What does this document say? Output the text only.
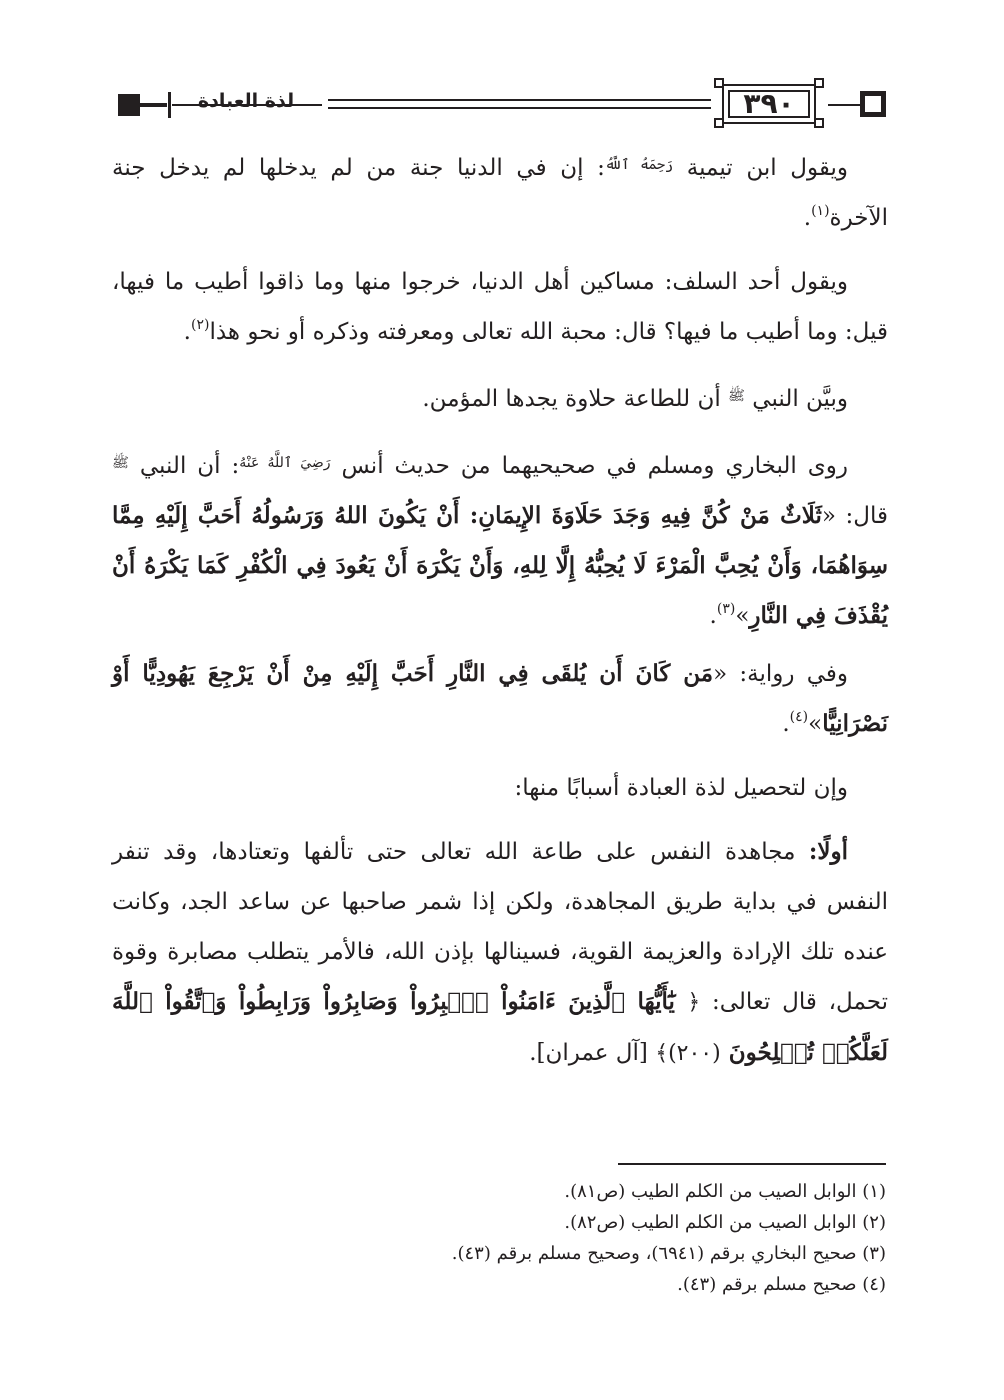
لذة العبادة	٣٩٠

ويقول ابن تيمية $^{رَحِمَهُ ٱللَّهُ}$: إن في الدنيا جنة من لم يدخلها لم يدخل جنة الآخرة$^{(١)}$.

ويقول أحد السلف: مساكين أهل الدنيا، خرجوا منها وما ذاقوا أطيب ما فيها، قيل: وما أطيب ما فيها؟ قال: محبة الله تعالى ومعرفته وذكره أو نحو هذا$^{(٢)}$.

وبيَّن النبي $^ﷺ$ أن للطاعة حلاوة يجدها المؤمن.

روى البخاري ومسلم في صحيحيهما من حديث أنس $^{رَضِيَ ٱللَّهُ عَنْهُ}$: أن النبي $^ﷺ$ قال: «ثَلَاثٌ مَنْ كُنَّ فِيهِ وَجَدَ حَلَاوَةَ الإِيمَانِ: أَنْ يَكُونَ اللهُ وَرَسُولُهُ أَحَبَّ إِلَيْهِ مِمَّا سِوَاهُمَا، وَأَنْ يُحِبَّ الْمَرْءَ لَا يُحِبُّهُ إِلَّا لِلهِ، وَأَنْ يَكْرَهَ أَنْ يَعُودَ فِي الْكُفْرِ كَمَا يَكْرَهُ أَنْ يُقْذَفَ فِي النَّارِ»$^{(٣)}$.

وفي رواية: «مَن كَانَ أَن يُلقَى فِي النَّارِ أَحَبَّ إِلَيْهِ مِنْ أَنْ يَرْجِعَ يَهُودِيًّا أَوْ نَصْرَانِيًّا»$^{(٤)}$.

وإن لتحصيل لذة العبادة أسبابًا منها:

أولًا: مجاهدة النفس على طاعة الله تعالى حتى تألفها وتعتادها، وقد تنفر النفس في بداية طريق المجاهدة، ولكن إذا شمر صاحبها عن ساعد الجد، وكانت عنده تلك الإرادة والعزيمة القوية، فسينالها بإذن الله، فالأمر يتطلب مصابرة وقوة تحمل، قال تعالى: ﴿ يَٰٓأَيُّهَا ٱلَّذِينَ ءَامَنُواْ ٱصۡبِرُواْ وَصَابِرُواْ وَرَابِطُواْ وَٱتَّقُواْ ٱللَّهَ لَعَلَّكُمۡ تُفۡلِحُونَ (٢٠٠)﴾ [آل عمران].

(١) الوابل الصيب من الكلم الطيب (ص٨١).

(٢) الوابل الصيب من الكلم الطيب (ص٨٢).

(٣) صحيح البخاري برقم (٦٩٤١)، وصحيح مسلم برقم (٤٣).

(٤) صحيح مسلم برقم (٤٣).
